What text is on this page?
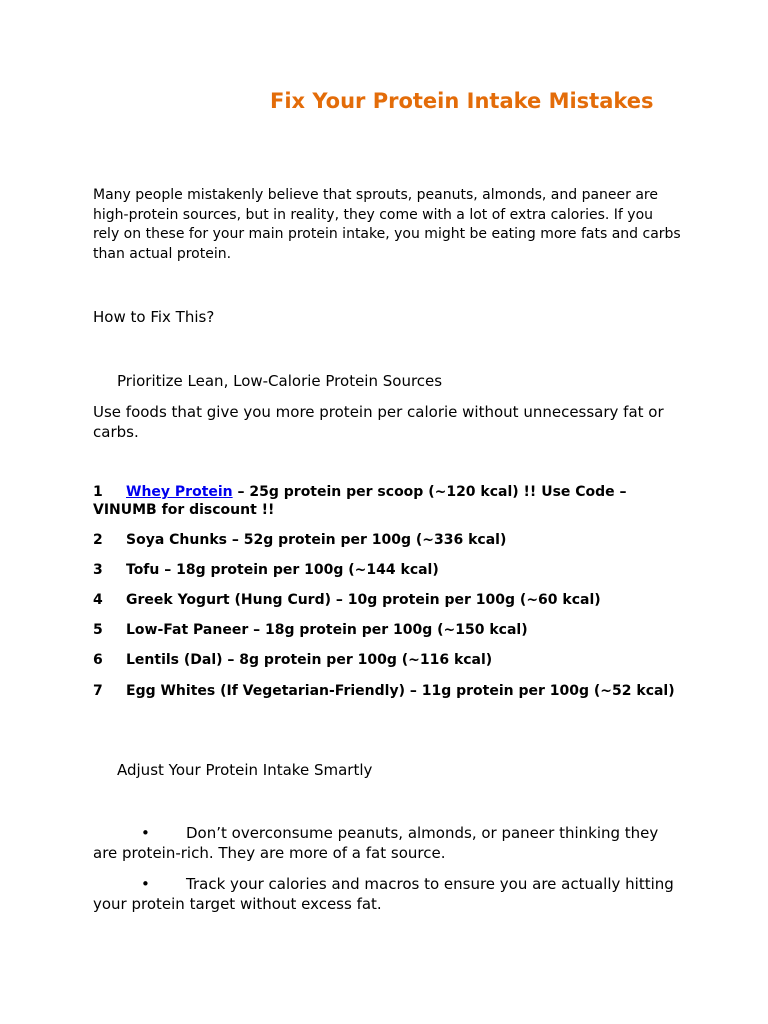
Fix Your Protein Intake Mistakes

Many people mistakenly believe that sprouts, peanuts, almonds, and paneer are high-protein sources, but in reality, they come with a lot of extra calories. If you rely on these for your main protein intake, you might be eating more fats and carbs than actual protein.

How to Fix This?

Prioritize Lean, Low-Calorie Protein Sources

Use foods that give you more protein per calorie without unnecessary fat or carbs.

1 Whey Protein – 25g protein per scoop (~120 kcal) !! Use Code – VINUMB for discount !!

2 Soya Chunks – 52g protein per 100g (~336 kcal)

3 Tofu – 18g protein per 100g (~144 kcal)

4 Greek Yogurt (Hung Curd) – 10g protein per 100g (~60 kcal)

5 Low-Fat Paneer – 18g protein per 100g (~150 kcal)

6 Lentils (Dal) – 8g protein per 100g (~116 kcal)

7 Egg Whites (If Vegetarian-Friendly) – 11g protein per 100g (~52 kcal)

Adjust Your Protein Intake Smartly

• Don’t overconsume peanuts, almonds, or paneer thinking they are protein-rich. They are more of a fat source.

• Track your calories and macros to ensure you are actually hitting your protein target without excess fat.
